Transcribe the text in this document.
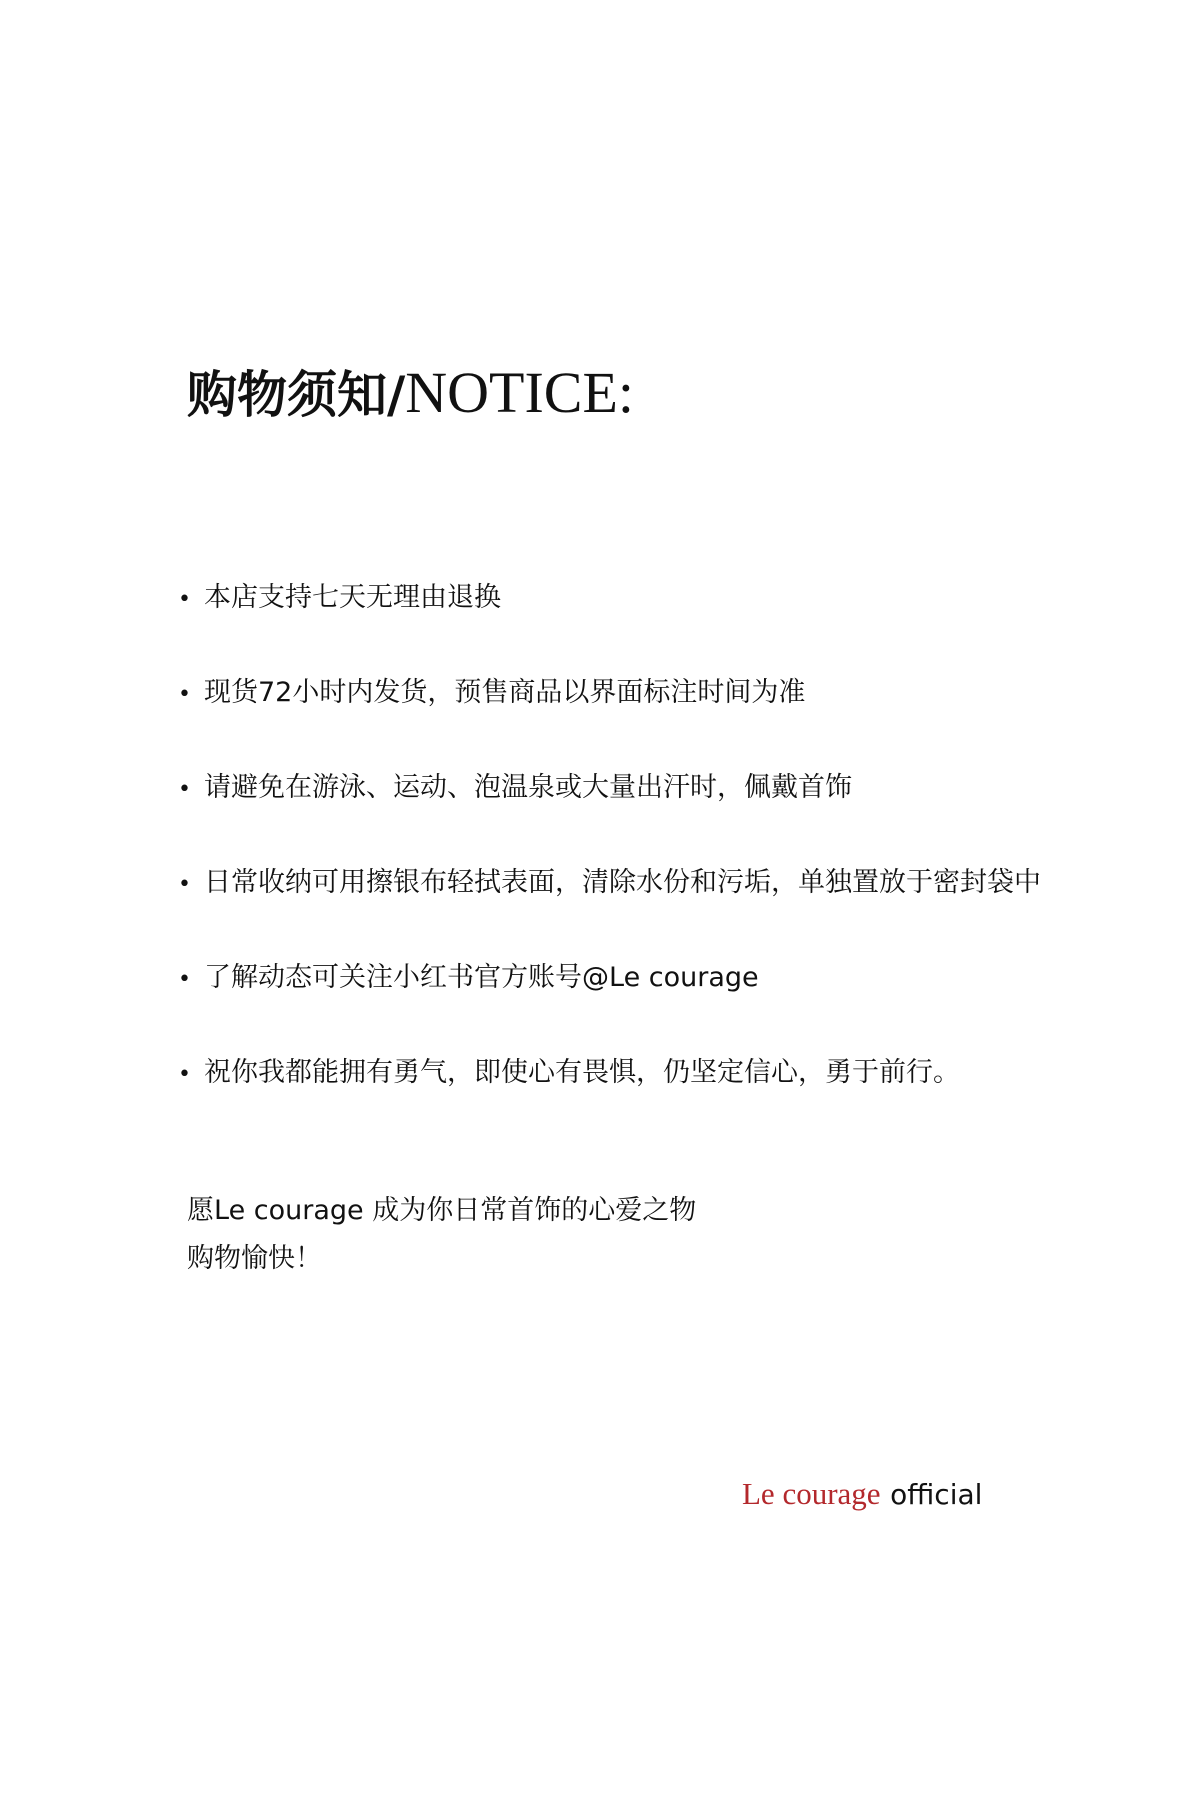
购物须知/NOTICE:
• 本店支持七天无理由退换
• 现货72小时内发货，预售商品以界面标注时间为准
• 请避免在游泳、运动、泡温泉或大量出汗时，佩戴首饰
• 日常收纳可用擦银布轻拭表面，清除水份和污垢，单独置放于密封袋中
• 了解动态可关注小红书官方账号@Le courage
• 祝你我都能拥有勇气，即使心有畏惧，仍坚定信心，勇于前行。
愿Le courage 成为你日常首饰的心爱之物
购物愉快！
Le courage official
